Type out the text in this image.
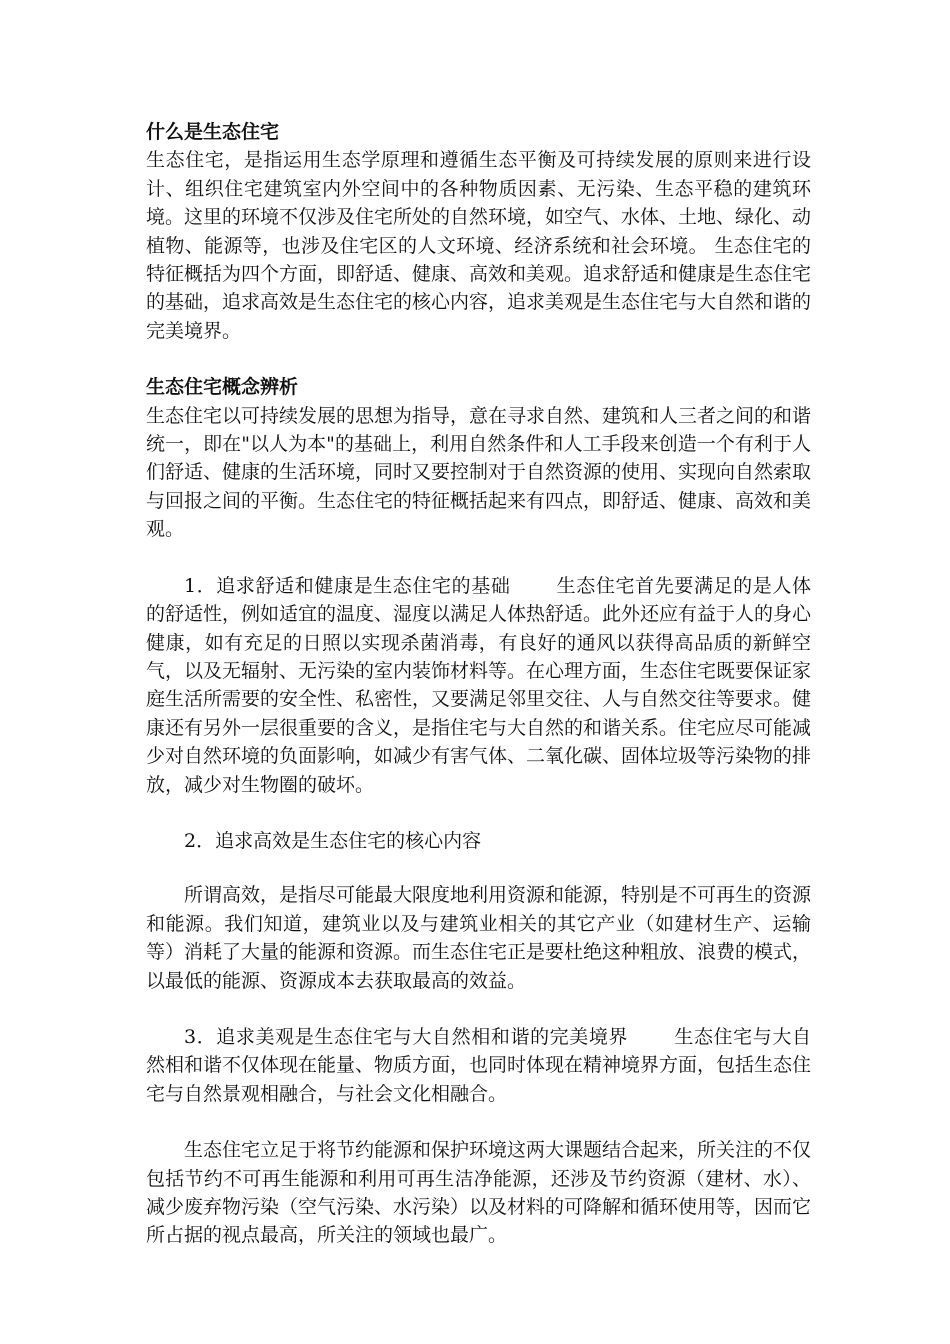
什么是生态住宅

生态住宅，是指运用生态学原理和遵循生态平衡及可持续发展的原则来进行设计、组织住宅建筑室内外空间中的各种物质因素、无污染、生态平稳的建筑环境。这里的环境不仅涉及住宅所处的自然环境，如空气、水体、土地、绿化、动植物、能源等，也涉及住宅区的人文环境、经济系统和社会环境。 生态住宅的特征概括为四个方面，即舒适、健康、高效和美观。追求舒适和健康是生态住宅的基础，追求高效是生态住宅的核心内容，追求美观是生态住宅与大自然和谐的完美境界。

生态住宅概念辨析

生态住宅以可持续发展的思想为指导，意在寻求自然、建筑和人三者之间的和谐统一，即在"以人为本"的基础上，利用自然条件和人工手段来创造一个有利于人们舒适、健康的生活环境，同时又要控制对于自然资源的使用、实现向自然索取与回报之间的平衡。生态住宅的特征概括起来有四点，即舒适、健康、高效和美观。

1．追求舒适和健康是生态住宅的基础 生态住宅首先要满足的是人体的舒适性，例如适宜的温度、湿度以满足人体热舒适。此外还应有益于人的身心健康，如有充足的日照以实现杀菌消毒，有良好的通风以获得高品质的新鲜空气，以及无辐射、无污染的室内装饰材料等。在心理方面，生态住宅既要保证家庭生活所需要的安全性、私密性，又要满足邻里交往、人与自然交往等要求。健康还有另外一层很重要的含义，是指住宅与大自然的和谐关系。住宅应尽可能减少对自然环境的负面影响，如减少有害气体、二氧化碳、固体垃圾等污染物的排放，减少对生物圈的破坏。

2．追求高效是生态住宅的核心内容

所谓高效，是指尽可能最大限度地利用资源和能源，特别是不可再生的资源和能源。我们知道，建筑业以及与建筑业相关的其它产业（如建材生产、运输等）消耗了大量的能源和资源。而生态住宅正是要杜绝这种粗放、浪费的模式，以最低的能源、资源成本去获取最高的效益。

3．追求美观是生态住宅与大自然相和谐的完美境界 生态住宅与大自然相和谐不仅体现在能量、物质方面，也同时体现在精神境界方面，包括生态住宅与自然景观相融合，与社会文化相融合。

生态住宅立足于将节约能源和保护环境这两大课题结合起来，所关注的不仅包括节约不可再生能源和利用可再生洁净能源，还涉及节约资源（建材、水）、减少废弃物污染（空气污染、水污染）以及材料的可降解和循环使用等，因而它所占据的视点最高，所关注的领域也最广。
